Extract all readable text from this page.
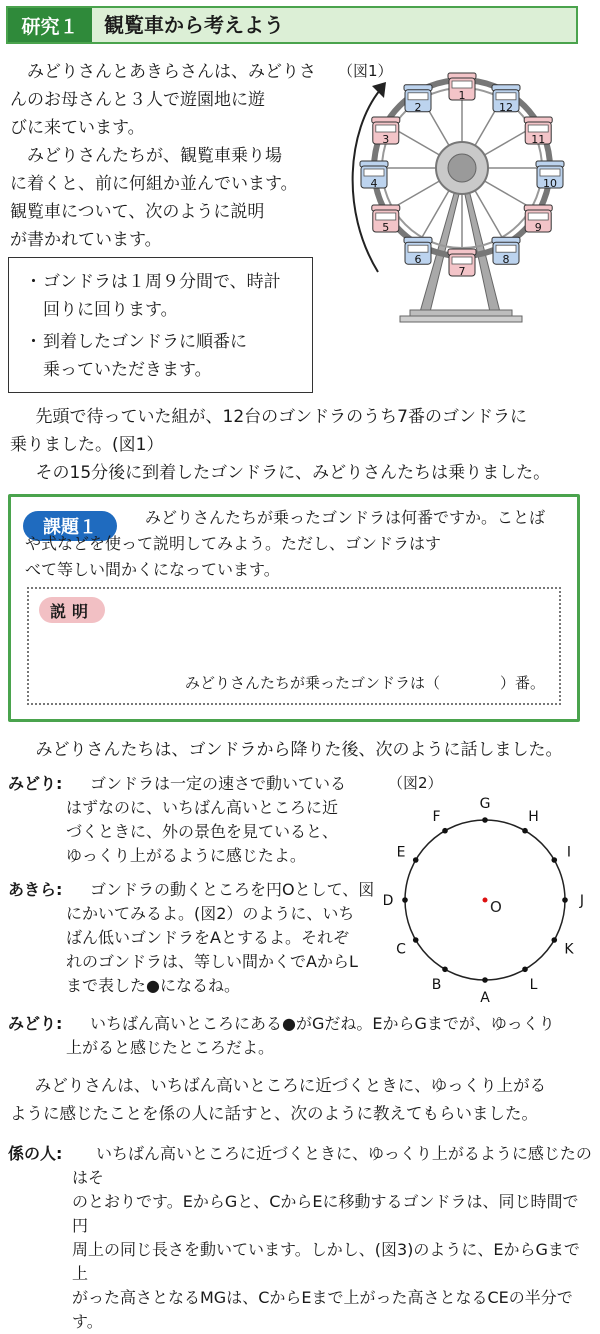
研究１	観覧車から考えよう

みどりさんとあきらさんは、みどりさ

んのお母さんと３人で遊園地に遊

びに来ています。

みどりさんたちが、観覧車乗り場

に着くと、前に何組か並んでいます。

観覧車について、次のように説明

が書かれています。

・ ゴンドラは１周９分間で、時計
回りに回ります。
・ 到着したゴンドラに順番に
乗っていただきます。
（図1）
1
2
3
4
5
6
7
8
9
10
11
12

先頭で待っていた組が、12台のゴンドラのうち7番のゴンドラに

乗りました。(図1）

その15分後に到着したゴンドラに、みどりさんたちは乗りました。

課題１	みどりさんたちが乗ったゴンドラは何番ですか。ことば
や式などを使って説明してみよう。ただし、ゴンドラはす
べて等しい間かくになっています。
説明
みどりさんたちが乗ったゴンドラは（	）番。
みどりさんたちは、ゴンドラから降りた後、次のように話しました。
みどり:	ゴンドラは一定の速さで動いている
はずなのに、いちばん高いところに近
づくときに、外の景色を見ていると、
ゆっくり上がるように感じたよ。
あきら:	ゴンドラの動くところを円Oとして、図
にかいてみるよ。(図2）のように、いち
ばん低いゴンドラをAとするよ。それぞ
れのゴンドラは、等しい間かくでAからL
まで表した●になるね。
（図2）
O
A
B
C
D
E
F
G
H
I
J
K
L
みどり:	いちばん高いところにある●がGだね。EからGまでが、ゆっくり
上がると感じたところだよ。
みどりさんは、いちばん高いところに近づくときに、ゆっくり上がる
ように感じたことを係の人に話すと、次のように教えてもらいました。
係の人:	いちばん高いところに近づくときに、ゆっくり上がるように感じたのはそ
のとおりです。EからGと、CからEに移動するゴンドラは、同じ時間で円
周上の同じ長さを動いています。しかし、(図3)のように、EからGまで上
がった高さとなるMGは、CからEまで上がった高さとなるCEの半分です。
